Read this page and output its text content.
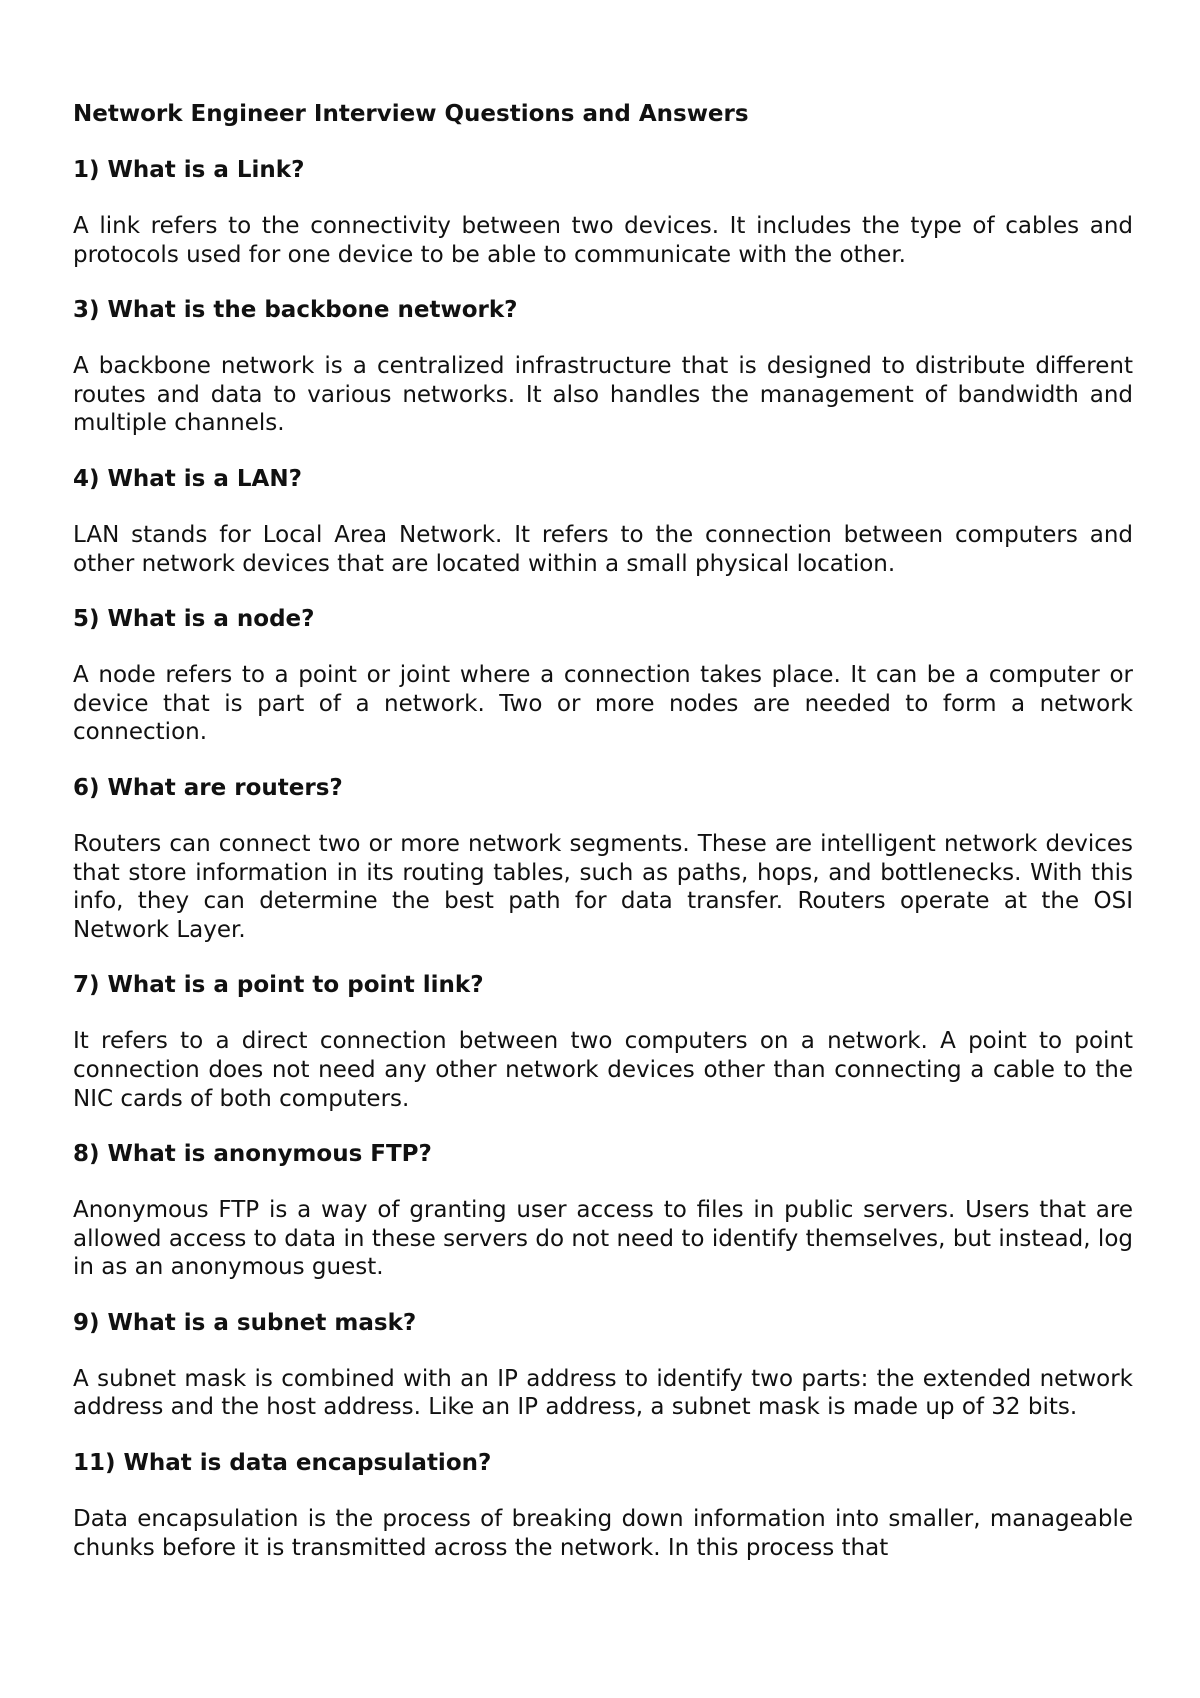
Network Engineer Interview Questions and Answers
1) What is a Link?
A link refers to the connectivity between two devices. It includes the type of cables and protocols used for one device to be able to communicate with the other.
3) What is the backbone network?
A backbone network is a centralized infrastructure that is designed to distribute different routes and data to various networks. It also handles the management of bandwidth and multiple channels.
4) What is a LAN?
LAN stands for Local Area Network. It refers to the connection between computers and other network devices that are located within a small physical location.
5) What is a node?
A node refers to a point or joint where a connection takes place. It can be a computer or device that is part of a network. Two or more nodes are needed to form a network connection.
6) What are routers?
Routers can connect two or more network segments. These are intelligent network devices that store information in its routing tables, such as paths, hops, and bottlenecks. With this info, they can determine the best path for data transfer. Routers operate at the OSI Network Layer.
7) What is a point to point link?
It refers to a direct connection between two computers on a network. A point to point connection does not need any other network devices other than connecting a cable to the NIC cards of both computers.
8) What is anonymous FTP?
Anonymous FTP is a way of granting user access to files in public servers. Users that are allowed access to data in these servers do not need to identify themselves, but instead, log in as an anonymous guest.
9) What is a subnet mask?
A subnet mask is combined with an IP address to identify two parts: the extended network address and the host address. Like an IP address, a subnet mask is made up of 32 bits.
11) What is data encapsulation?
Data encapsulation is the process of breaking down information into smaller, manageable chunks before it is transmitted across the network. In this process that
